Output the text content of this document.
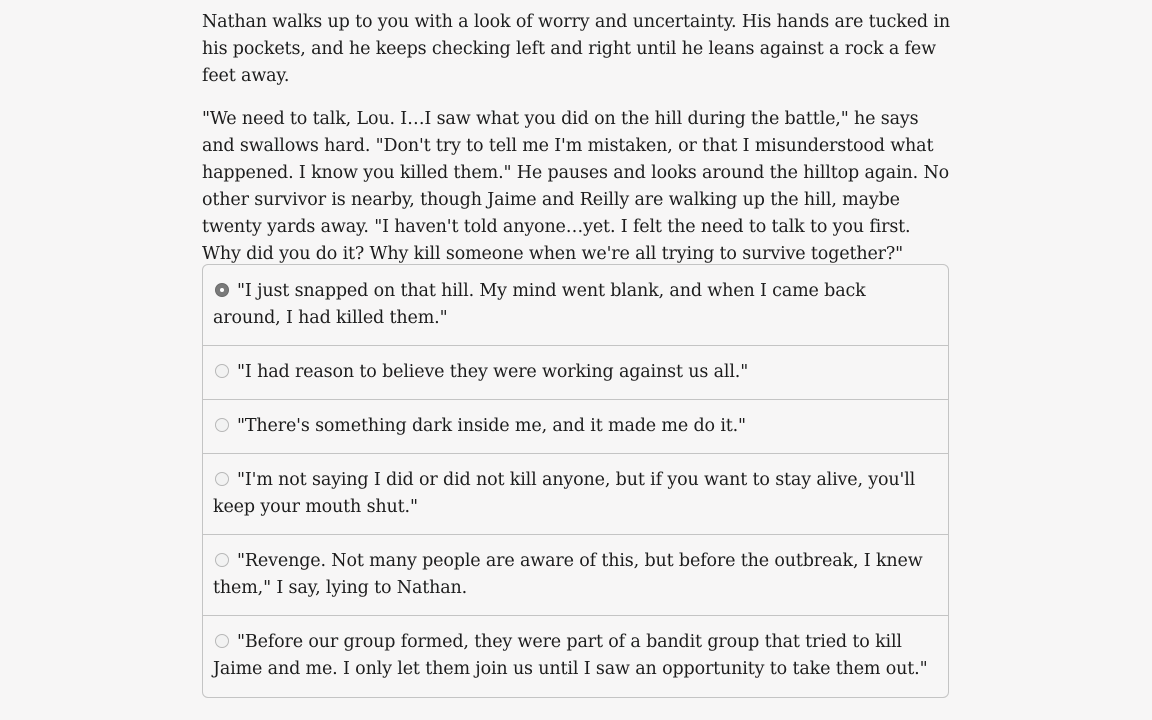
Nathan walks up to you with a look of worry and uncertainty. His hands are tucked in his pockets, and he keeps checking left and right until he leans against a rock a few feet away.

"We need to talk, Lou. I…I saw what you did on the hill during the battle," he says and swallows hard. "Don't try to tell me I'm mistaken, or that I misunderstood what happened. I know you killed them." He pauses and looks around the hilltop again. No other survivor is nearby, though Jaime and Reilly are walking up the hill, maybe twenty yards away. "I haven't told anyone…yet. I felt the need to talk to you first. Why did you do it? Why kill someone when we're all trying to survive together?"

"I just snapped on that hill. My mind went blank, and when I came back around, I had killed them."
"I had reason to believe they were working against us all."
"There's something dark inside me, and it made me do it."
"I'm not saying I did or did not kill anyone, but if you want to stay alive, you'll keep your mouth shut."
"Revenge. Not many people are aware of this, but before the outbreak, I knew them," I say, lying to Nathan.
"Before our group formed, they were part of a bandit group that tried to kill Jaime and me. I only let them join us until I saw an opportunity to take them out."
